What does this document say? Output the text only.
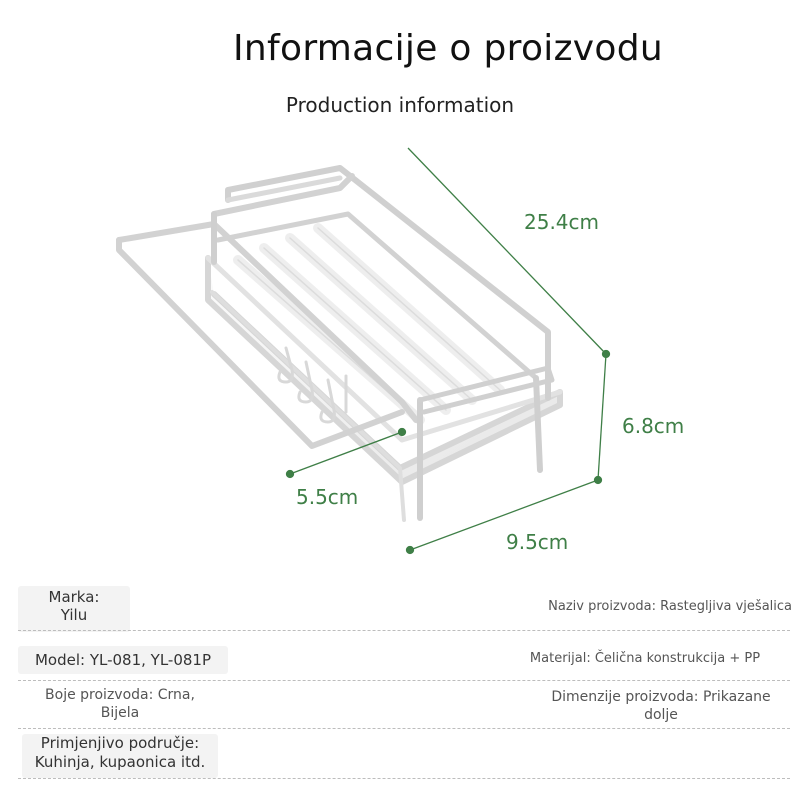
Informacije o proizvodu
Production information
25.4cm
6.8cm
5.5cm
9.5cm
Marka:
Yilu	Naziv proizvoda: Rastegljiva vješalica
Model: YL-081, YL-081P	Materijal: Čelična konstrukcija + PP
Boje proizvoda: Crna,
Bijela
Dimenzije proizvoda: Prikazane
dolje
Primjenjivo područje:
Kuhinja, kupaonica itd.
